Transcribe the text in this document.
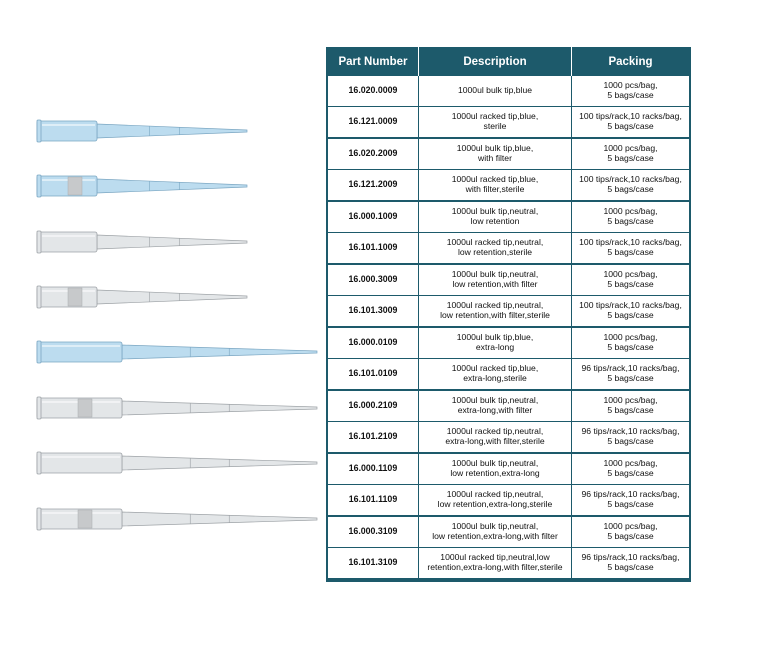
Part Number	Description	Packing
16.020.0009	1000ul bulk tip,blue	1000 pcs/bag,
5 bags/case
16.121.0009	1000ul racked tip,blue,
sterile	100 tips/rack,10 racks/bag,
5 bags/case
16.020.2009	1000ul bulk tip,blue,
with filter	1000 pcs/bag,
5 bags/case
16.121.2009	1000ul racked tip,blue,
with filter,sterile	100 tips/rack,10 racks/bag,
5 bags/case
16.000.1009	1000ul bulk tip,neutral,
low retention	1000 pcs/bag,
5 bags/case
16.101.1009	1000ul racked tip,neutral,
low retention,sterile	100 tips/rack,10 racks/bag,
5 bags/case
16.000.3009	1000ul bulk tip,neutral,
low retention,with filter	1000 pcs/bag,
5 bags/case
16.101.3009	1000ul racked tip,neutral,
low retention,with filter,sterile	100 tips/rack,10 racks/bag,
5 bags/case
16.000.0109	1000ul bulk tip,blue,
extra-long	1000 pcs/bag,
5 bags/case
16.101.0109	1000ul racked tip,blue,
extra-long,sterile	96 tips/rack,10 racks/bag,
5 bags/case
16.000.2109	1000ul bulk tip,neutral,
extra-long,with filter	1000 pcs/bag,
5 bags/case
16.101.2109	1000ul racked tip,neutral,
extra-long,with filter,sterile	96 tips/rack,10 racks/bag,
5 bags/case
16.000.1109	1000ul bulk tip,neutral,
low retention,extra-long	1000 pcs/bag,
5 bags/case
16.101.1109	1000ul racked tip,neutral,
low retention,extra-long,sterile	96 tips/rack,10 racks/bag,
5 bags/case
16.000.3109	1000ul bulk tip,neutral,
low retention,extra-long,with filter	1000 pcs/bag,
5 bags/case
16.101.3109	1000ul racked tip,neutral,low
retention,extra-long,with filter,sterile	96 tips/rack,10 racks/bag,
5 bags/case
